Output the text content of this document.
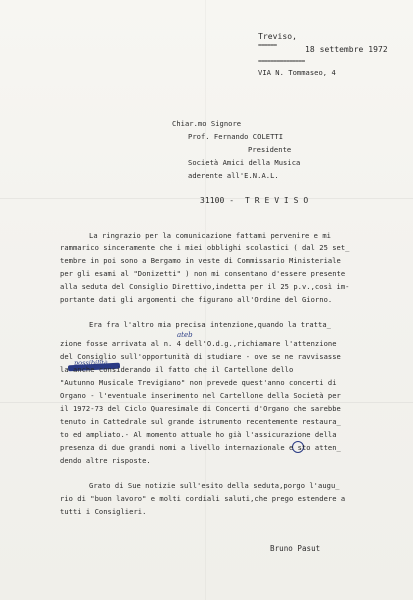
Treviso,
======	18 settembre 1972
===============
VIA N. Tommaseo, 4
Chiar.mo Signore
Prof. Fernando COLETTI
Presidente
Società Amici della Musica
aderente all'E.N.A.L.
31100 - T R E V I S O
La ringrazio per la comunicazione fattami pervenire e mi
rammarico sinceramente che i miei obblighi scolastici ( dal 25 set_
tembre in poi sono a Bergamo in veste di Commissario Ministeriale
per gli esami al "Donizetti" ) non mi consentano d'essere presente
alla seduta del Consiglio Direttivo,indetta per il 25 p.v.,così im-
portante dati gli argomenti che figurano all'Ordine del Giorno.
Era fra l'altro mia precisa intenzione,quando la tratta_
ateb
zione fosse arrivata al n. 4 dell'O.d.g.,richiamare l'attenzione
del Consiglio sull'opportunità di studiare - ove se ne ravvisasse
possibilità
la anche considerando il fatto che il Cartellone dello
"Autunno Musicale Trevigiano" non prevede quest'anno concerti di
Organo - l'eventuale inserimento nel Cartellone della Società per
il 1972-73 del Ciclo Quaresimale di Concerti d'Organo che sarebbe
tenuto in Cattedrale sul grande istrumento recentemente restaura_
to ed ampliato.- Al momento attuale ho già l'assicurazione della
presenza di due grandi nomi a livello internazionale e sto atten_
dendo altre risposte.
Grato di Sue notizie sull'esito della seduta,porgo l'augu_
rio di "buon lavoro" e molti cordiali saluti,che prego estendere a
tutti i Consiglieri.
Bruno Pasut
